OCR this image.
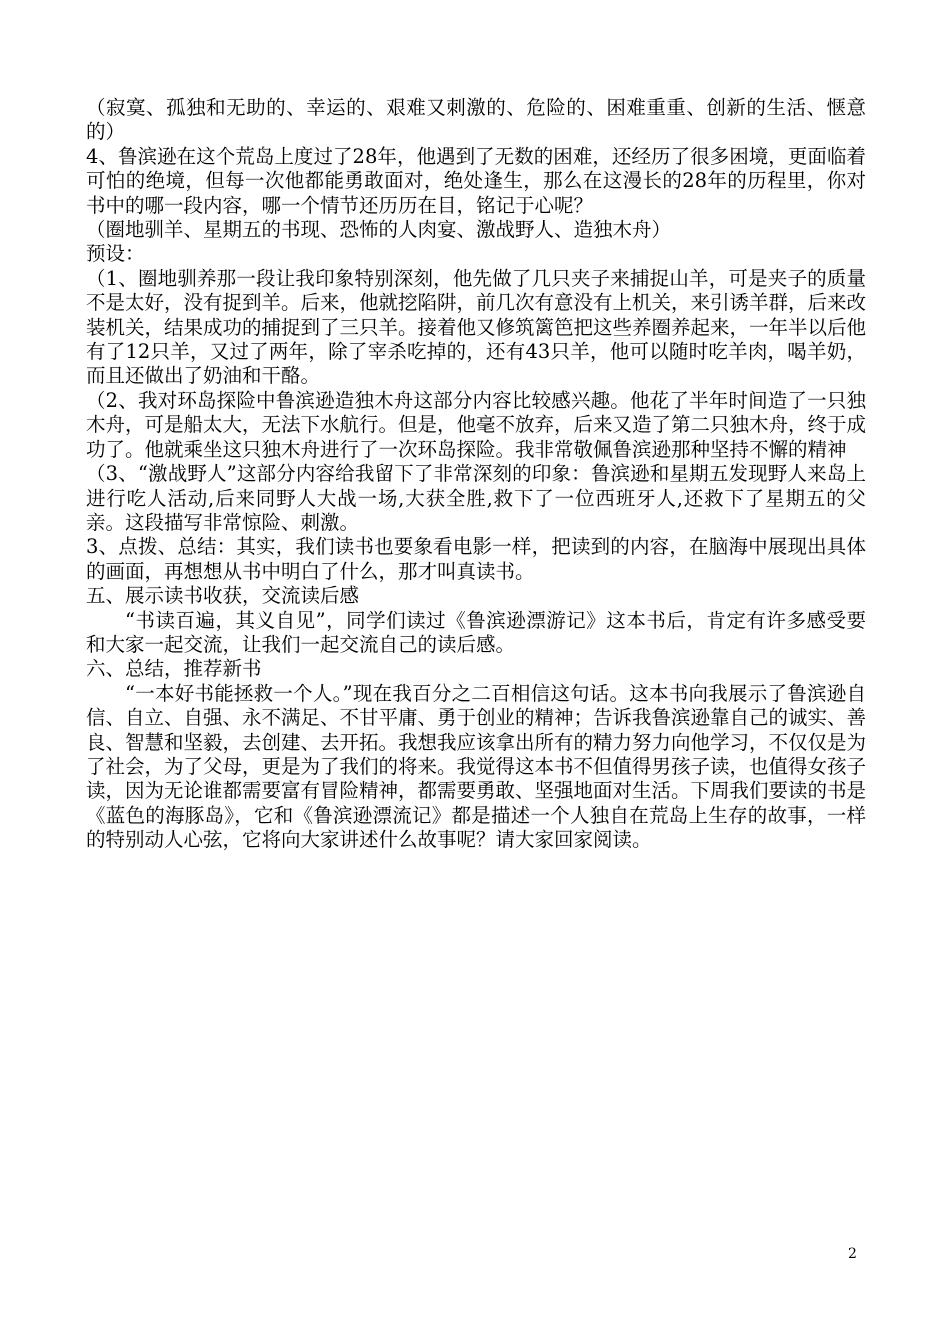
（寂寞、孤独和无助的、幸运的、艰难又刺激的、危险的、困难重重、创新的生活、惬意的）

4、鲁滨逊在这个荒岛上度过了28年，他遇到了无数的困难，还经历了很多困境，更面临着可怕的绝境，但每一次他都能勇敢面对，绝处逢生，那么在这漫长的28年的历程里，你对书中的哪一段内容，哪一个情节还历历在目，铭记于心呢？

（圈地驯羊、星期五的书现、恐怖的人肉宴、激战野人、造独木舟）

预设：

（1、圈地驯养那一段让我印象特别深刻，他先做了几只夹子来捕捉山羊，可是夹子的质量不是太好，没有捉到羊。后来，他就挖陷阱，前几次有意没有上机关，来引诱羊群，后来改装机关，结果成功的捕捉到了三只羊。接着他又修筑篱笆把这些养圈养起来，一年半以后他有了12只羊，又过了两年，除了宰杀吃掉的，还有43只羊，他可以随时吃羊肉，喝羊奶，而且还做出了奶油和干酪。

（2、我对环岛探险中鲁滨逊造独木舟这部分内容比较感兴趣。他花了半年时间造了一只独木舟，可是船太大，无法下水航行。但是，他毫不放弃，后来又造了第二只独木舟，终于成功了。他就乘坐这只独木舟进行了一次环岛探险。我非常敬佩鲁滨逊那种坚持不懈的精神

（3、“激战野人”这部分内容给我留下了非常深刻的印象：鲁滨逊和星期五发现野人来岛上进行吃人活动,后来同野人大战一场,大获全胜,救下了一位西班牙人,还救下了星期五的父亲。这段描写非常惊险、刺激。

3、点拨、总结：其实，我们读书也要象看电影一样，把读到的内容，在脑海中展现出具体的画面，再想想从书中明白了什么，那才叫真读书。

五、展示读书收获，交流读后感

“书读百遍，其义自见”，同学们读过《鲁滨逊漂游记》这本书后，肯定有许多感受要和大家一起交流，让我们一起交流自己的读后感。

六、总结，推荐新书

“一本好书能拯救一个人。”现在我百分之二百相信这句话。这本书向我展示了鲁滨逊自信、自立、自强、永不满足、不甘平庸、勇于创业的精神；告诉我鲁滨逊靠自己的诚实、善良、智慧和坚毅，去创建、去开拓。我想我应该拿出所有的精力努力向他学习，不仅仅是为了社会，为了父母，更是为了我们的将来。我觉得这本书不但值得男孩子读，也值得女孩子读，因为无论谁都需要富有冒险精神，都需要勇敢、坚强地面对生活。下周我们要读的书是《蓝色的海豚岛》，它和《鲁滨逊漂流记》都是描述一个人独自在荒岛上生存的故事，一样的特别动人心弦，它将向大家讲述什么故事呢？请大家回家阅读。

2
